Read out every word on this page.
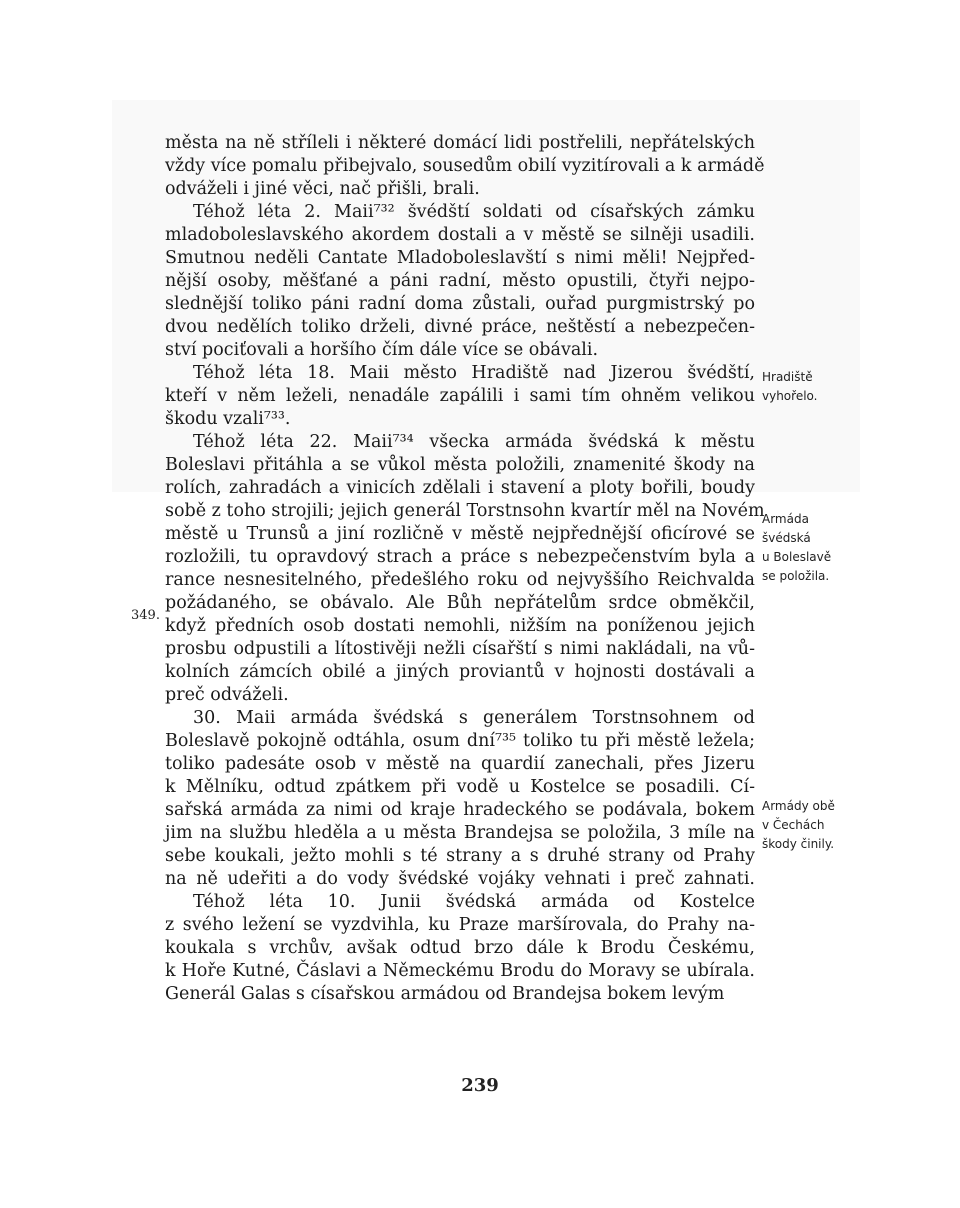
města na ně stříleli i některé domácí lidi postřelili, nepřátelských
vždy více pomalu přibejvalo, sousedům obilí vyzitírovali a k armádě
odváželi i jiné věci, nač přišli, brali.
Téhož léta 2. Maii⁷³² švédští soldati od císařských zámku
mladoboleslavského akordem dostali a v městě se silněji usadili.
Smutnou neděli Cantate Mladoboleslavští s nimi měli! Nejpřed-
nější osoby, měšťané a páni radní, město opustili, čtyři nejpo-
slednější toliko páni radní doma zůstali, ouřad purgmistrský po
dvou nedělích toliko drželi, divné práce, neštěstí a nebezpečen-
ství pociťovali a horšího čím dále více se obávali.
Téhož léta 18. Maii město Hradiště nad Jizerou švédští,
kteří v něm leželi, nenadále zapálili i sami tím ohněm velikou
škodu vzali⁷³³.
Téhož léta 22. Maii⁷³⁴ všecka armáda švédská k městu
Boleslavi přitáhla a se vůkol města položili, znamenité škody na
rolích, zahradách a vinicích zdělali i stavení a ploty bořili, boudy
sobě z toho strojili; jejich generál Torstnsohn kvartír měl na Novém
městě u Trunsů a jiní rozličně v městě nejpřednější oficírové se
rozložili, tu opravdový strach a práce s nebezpečenstvím byla a
rance nesnesitelného, předešlého roku od nejvyššího Reichvalda
požádaného, se obávalo. Ale Bůh nepřátelům srdce obměkčil,
když předních osob dostati nemohli, nižším na poníženou jejich
prosbu odpustili a lítostivěji nežli císařští s nimi nakládali, na vů-
kolních zámcích obilé a jiných proviantů v hojnosti dostávali a
preč odváželi.
30. Maii armáda švédská s generálem Torstnsohnem od
Boleslavě pokojně odtáhla, osum dní⁷³⁵ toliko tu při městě ležela;
toliko padesáte osob v městě na quardií zanechali, přes Jizeru
k Mělníku, odtud zpátkem při vodě u Kostelce se posadili. Cí-
sařská armáda za nimi od kraje hradeckého se podávala, bokem
jim na službu hleděla a u města Brandejsa se položila, 3 míle na
sebe koukali, ježto mohli s té strany a s druhé strany od Prahy
na ně udeřiti a do vody švédské vojáky vehnati i preč zahnati.
Téhož léta 10. Junii švédská armáda od Kostelce
z svého ležení se vyzdvihla, ku Praze maršírovala, do Prahy na-
koukala s vrchův, avšak odtud brzo dále k Brodu Českému,
k Hoře Kutné, Čáslavi a Německému Brodu do Moravy se ubírala.
Generál Galas s císařskou armádou od Brandejsa bokem levým
Hradiště
vyhořelo.
Armáda
švédská
u Boleslavě
se položila.
Armády obě
v Čechách
škody činily.
349.
239
